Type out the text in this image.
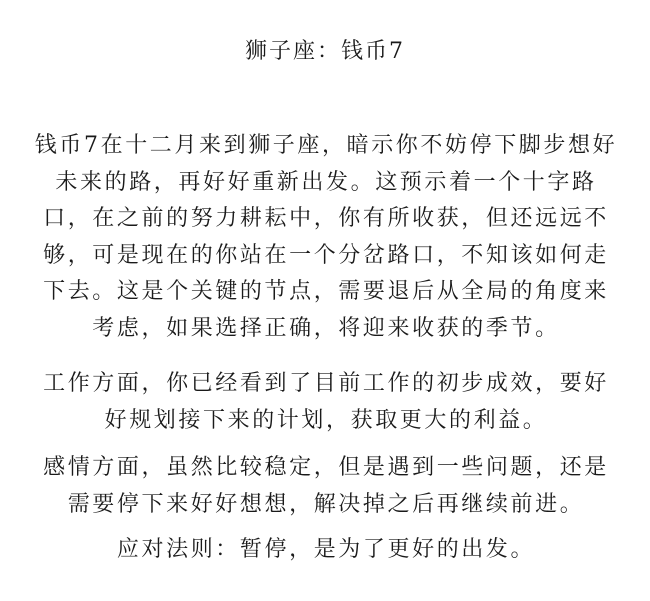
狮子座：钱币7
钱币7在十二月来到狮子座，暗示你不妨停下脚步想好
未来的路，再好好重新出发。这预示着一个十字路
口，在之前的努力耕耘中，你有所收获，但还远远不
够，可是现在的你站在一个分岔路口，不知该如何走
下去。这是个关键的节点，需要退后从全局的角度来
考虑，如果选择正确，将迎来收获的季节。
工作方面，你已经看到了目前工作的初步成效，要好
好规划接下来的计划，获取更大的利益。
感情方面，虽然比较稳定，但是遇到一些问题，还是
需要停下来好好想想，解决掉之后再继续前进。
应对法则：暂停，是为了更好的出发。
